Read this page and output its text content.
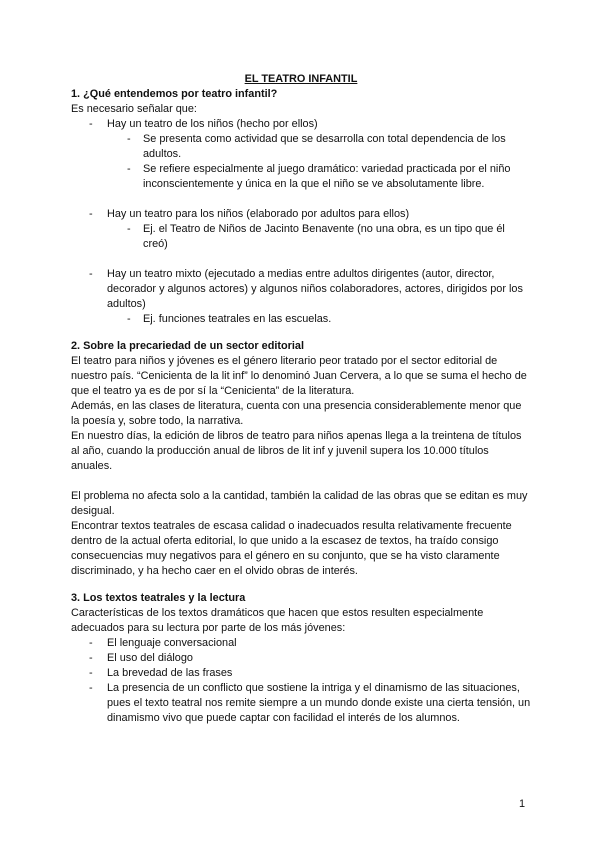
EL TEATRO INFANTIL

1. ¿Qué entendemos por teatro infantil?

Es necesario señalar que:

- Hay un teatro de los niños (hecho por ellos)
- Se presenta como actividad que se desarrolla con total dependencia de los adultos.
- Se refiere especialmente al juego dramático: variedad practicada por el niño inconscientemente y única en la que el niño se ve absolutamente libre.
- Hay un teatro para los niños (elaborado por adultos para ellos)
- Ej. el Teatro de Niños de Jacinto Benavente (no una obra, es un tipo que él creó)
- Hay un teatro mixto (ejecutado a medias entre adultos dirigentes (autor, director, decorador y algunos actores) y algunos niños colaboradores, actores, dirigidos por los adultos)
- Ej. funciones teatrales en las escuelas.

2. Sobre la precariedad de un sector editorial

El teatro para niños y jóvenes es el género literario peor tratado por el sector editorial de nuestro país. “Cenicienta de la lit inf” lo denominó Juan Cervera, a lo que se suma el hecho de que el teatro ya es de por sí la “Cenicienta” de la literatura.

Además, en las clases de literatura, cuenta con una presencia considerablemente menor que la poesía y, sobre todo, la narrativa.

En nuestro días, la edición de libros de teatro para niños apenas llega a la treintena de títulos al año, cuando la producción anual de libros de lit inf y juvenil supera los 10.000 títulos anuales.

El problema no afecta solo a la cantidad, también la calidad de las obras que se editan es muy desigual.

Encontrar textos teatrales de escasa calidad o inadecuados resulta relativamente frecuente dentro de la actual oferta editorial, lo que unido a la escasez de textos, ha traído consigo consecuencias muy negativos para el género en su conjunto, que se ha visto claramente discriminado, y ha hecho caer en el olvido obras de interés.

3. Los textos teatrales y la lectura

Características de los textos dramáticos que hacen que estos resulten especialmente adecuados para su lectura por parte de los más jóvenes:

- El lenguaje conversacional
- El uso del diálogo
- La brevedad de las frases
- La presencia de un conflicto que sostiene la intriga y el dinamismo de las situaciones, pues el texto teatral nos remite siempre a un mundo donde existe una cierta tensión, un dinamismo vivo que puede captar con facilidad el interés de los alumnos.
1
